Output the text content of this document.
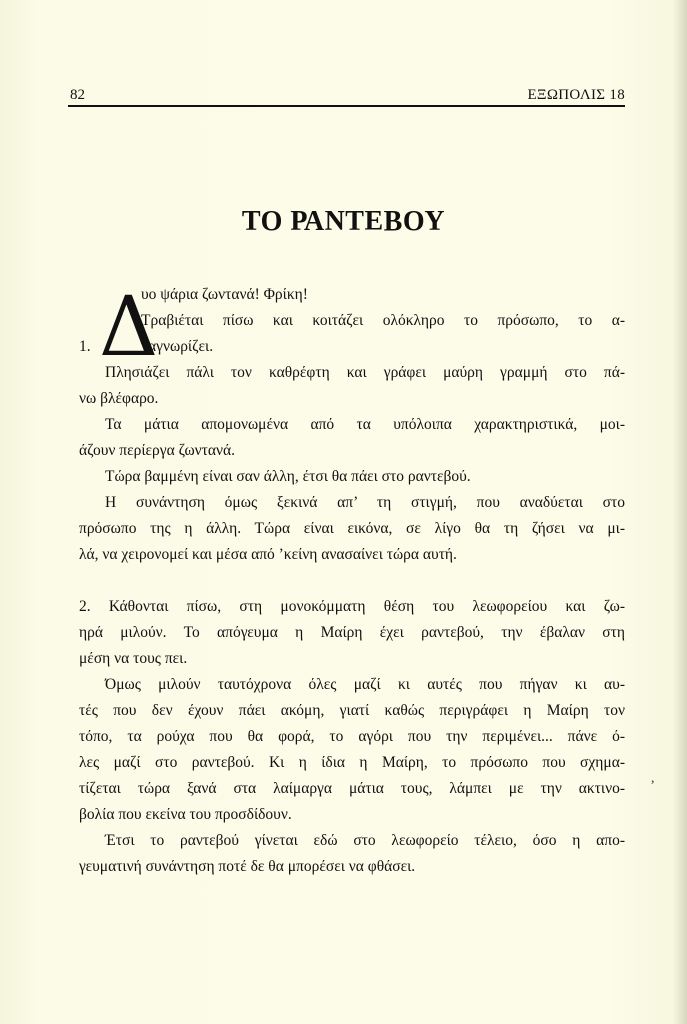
82	ΕΞΩΠΟΛΙΣ 18
ΤΟ ΡΑΝΤΕΒΟΥ
Δ
1.
υο ψάρια ζωντανά! Φρίκη!
Τραβιέται πίσω και κοιτάζει ολόκληρο το πρόσωπο, το α-
ναγνωρίζει.
Πλησιάζει πάλι τον καθρέφτη και γράφει μαύρη γραμμή στο πά-
νω βλέφαρο.
Τα μάτια απομονωμένα από τα υπόλοιπα χαρακτηριστικά, μοι-
άζουν περίεργα ζωντανά.
Τώρα βαμμένη είναι σαν άλλη, έτσι θα πάει στο ραντεβού.
Η συνάντηση όμως ξεκινά απ’ τη στιγμή, που αναδύεται στο
πρόσωπο της η άλλη. Τώρα είναι εικόνα, σε λίγο θα τη ζήσει να μι-
λά, να χειρονομεί και μέσα από ’κείνη ανασαίνει τώρα αυτή.
2. Κάθονται πίσω, στη μονοκόμματη θέση του λεωφορείου και ζω-
ηρά μιλούν. Το απόγευμα η Μαίρη έχει ραντεβού, την έβαλαν στη
μέση να τους πει.
Όμως μιλούν ταυτόχρονα όλες μαζί κι αυτές που πήγαν κι αυ-
τές που δεν έχουν πάει ακόμη, γιατί καθώς περιγράφει η Μαίρη τον
τόπο, τα ρούχα που θα φορά, το αγόρι που την περιμένει... πάνε ό-
λες μαζί στο ραντεβού. Κι η ίδια η Μαίρη, το πρόσωπο που σχημα-
τίζεται τώρα ξανά στα λαίμαργα μάτια τους, λάμπει με την ακτινο-
βολία που εκείνα του προσδίδουν.
Έτσι το ραντεβού γίνεται εδώ στο λεωφορείο τέλειο, όσο η απο-
γευματινή συνάντηση ποτέ δε θα μπορέσει να φθάσει.
,
